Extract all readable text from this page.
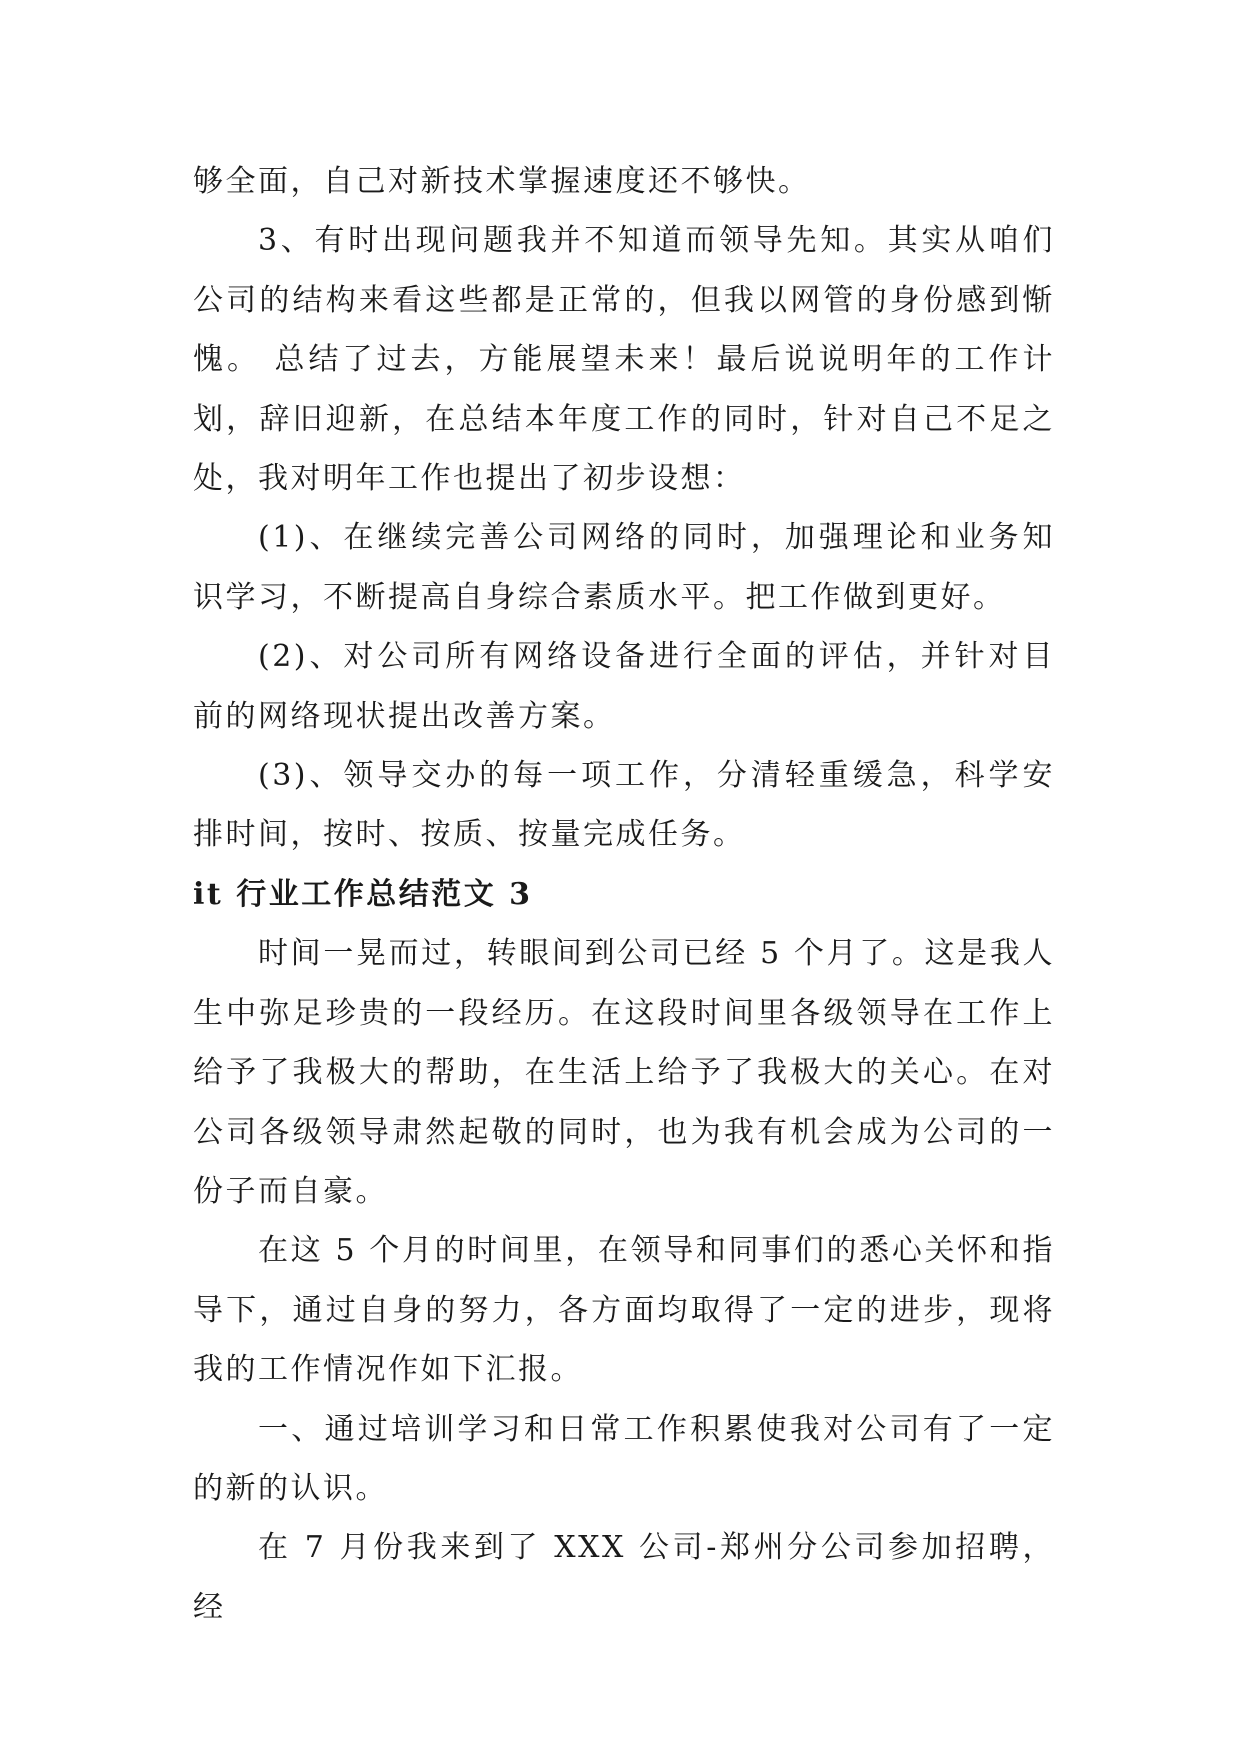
够全面，自己对新技术掌握速度还不够快。

3、有时出现问题我并不知道而领导先知。其实从咱们公司的结构来看这些都是正常的，但我以网管的身份感到惭愧。 总结了过去，方能展望未来！最后说说明年的工作计划，辞旧迎新，在总结本年度工作的同时，针对自己不足之处，我对明年工作也提出了初步设想：

(1)、在继续完善公司网络的同时，加强理论和业务知识学习，不断提高自身综合素质水平。把工作做到更好。

(2)、对公司所有网络设备进行全面的评估，并针对目前的网络现状提出改善方案。

(3)、领导交办的每一项工作，分清轻重缓急，科学安排时间，按时、按质、按量完成任务。

it 行业工作总结范文 3

时间一晃而过，转眼间到公司已经 5 个月了。这是我人生中弥足珍贵的一段经历。在这段时间里各级领导在工作上给予了我极大的帮助，在生活上给予了我极大的关心。在对公司各级领导肃然起敬的同时，也为我有机会成为公司的一份子而自豪。

在这 5 个月的时间里，在领导和同事们的悉心关怀和指导下，通过自身的努力，各方面均取得了一定的进步，现将我的工作情况作如下汇报。

一、通过培训学习和日常工作积累使我对公司有了一定的新的认识。

在 7 月份我来到了 XXX 公司-郑州分公司参加招聘，经
